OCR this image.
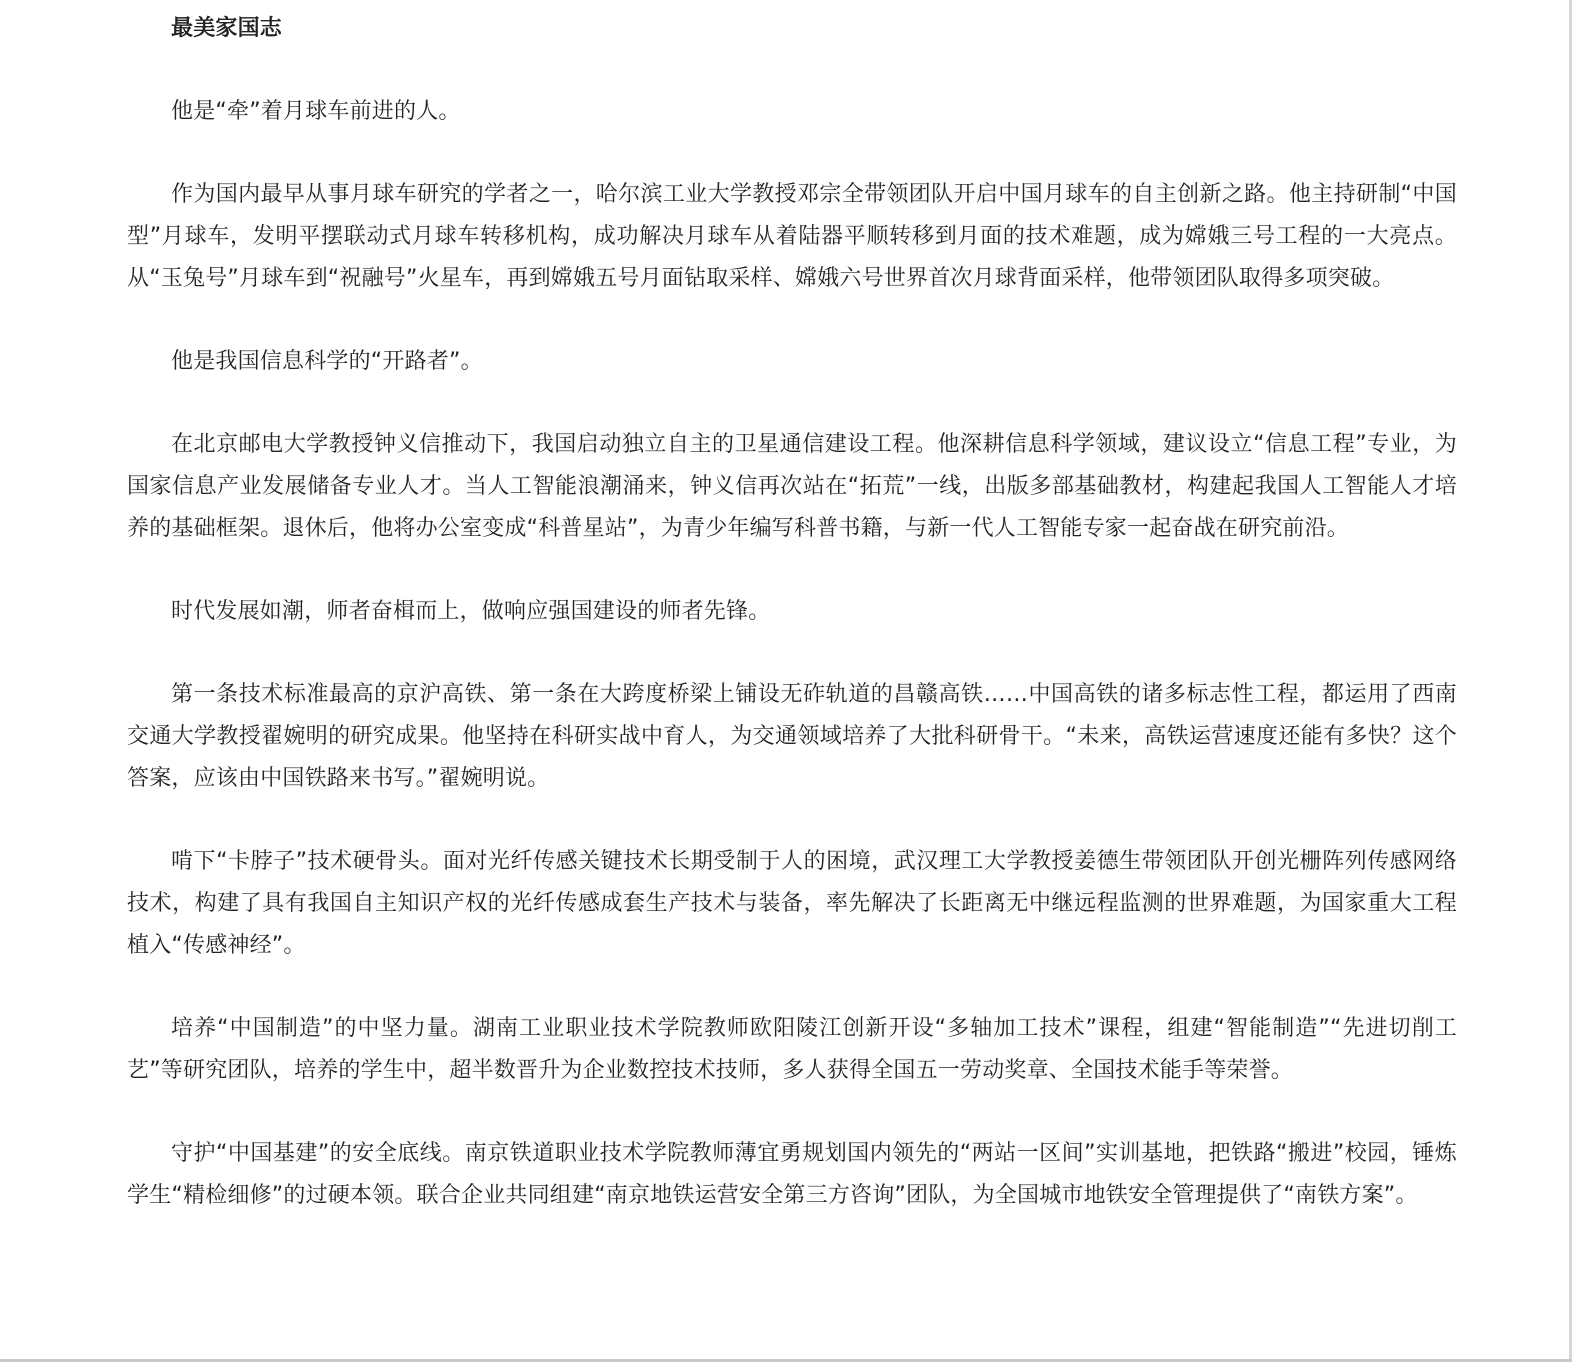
最美家国志

他是“牵”着月球车前进的人。

作为国内最早从事月球车研究的学者之一，哈尔滨工业大学教授邓宗全带领团队开启中国月球车的自主创新之路。他主持研制“中国型”月球车，发明平摆联动式月球车转移机构，成功解决月球车从着陆器平顺转移到月面的技术难题，成为嫦娥三号工程的一大亮点。从“玉兔号”月球车到“祝融号”火星车，再到嫦娥五号月面钻取采样、嫦娥六号世界首次月球背面采样，他带领团队取得多项突破。

他是我国信息科学的“开路者”。

在北京邮电大学教授钟义信推动下，我国启动独立自主的卫星通信建设工程。他深耕信息科学领域，建议设立“信息工程”专业，为国家信息产业发展储备专业人才。当人工智能浪潮涌来，钟义信再次站在“拓荒”一线，出版多部基础教材，构建起我国人工智能人才培养的基础框架。退休后，他将办公室变成“科普星站”，为青少年编写科普书籍，与新一代人工智能专家一起奋战在研究前沿。

时代发展如潮，师者奋楫而上，做响应强国建设的师者先锋。

第一条技术标准最高的京沪高铁、第一条在大跨度桥梁上铺设无砟轨道的昌赣高铁……中国高铁的诸多标志性工程，都运用了西南交通大学教授翟婉明的研究成果。他坚持在科研实战中育人，为交通领域培养了大批科研骨干。“未来，高铁运营速度还能有多快？这个答案，应该由中国铁路来书写。”翟婉明说。

啃下“卡脖子”技术硬骨头。面对光纤传感关键技术长期受制于人的困境，武汉理工大学教授姜德生带领团队开创光栅阵列传感网络技术，构建了具有我国自主知识产权的光纤传感成套生产技术与装备，率先解决了长距离无中继远程监测的世界难题，为国家重大工程植入“传感神经”。

培养“中国制造”的中坚力量。湖南工业职业技术学院教师欧阳陵江创新开设“多轴加工技术”课程，组建“智能制造”“先进切削工艺”等研究团队，培养的学生中，超半数晋升为企业数控技术技师，多人获得全国五一劳动奖章、全国技术能手等荣誉。

守护“中国基建”的安全底线。南京铁道职业技术学院教师薄宜勇规划国内领先的“两站一区间”实训基地，把铁路“搬进”校园，锤炼学生“精检细修”的过硬本领。联合企业共同组建“南京地铁运营安全第三方咨询”团队，为全国城市地铁安全管理提供了“南铁方案”。
